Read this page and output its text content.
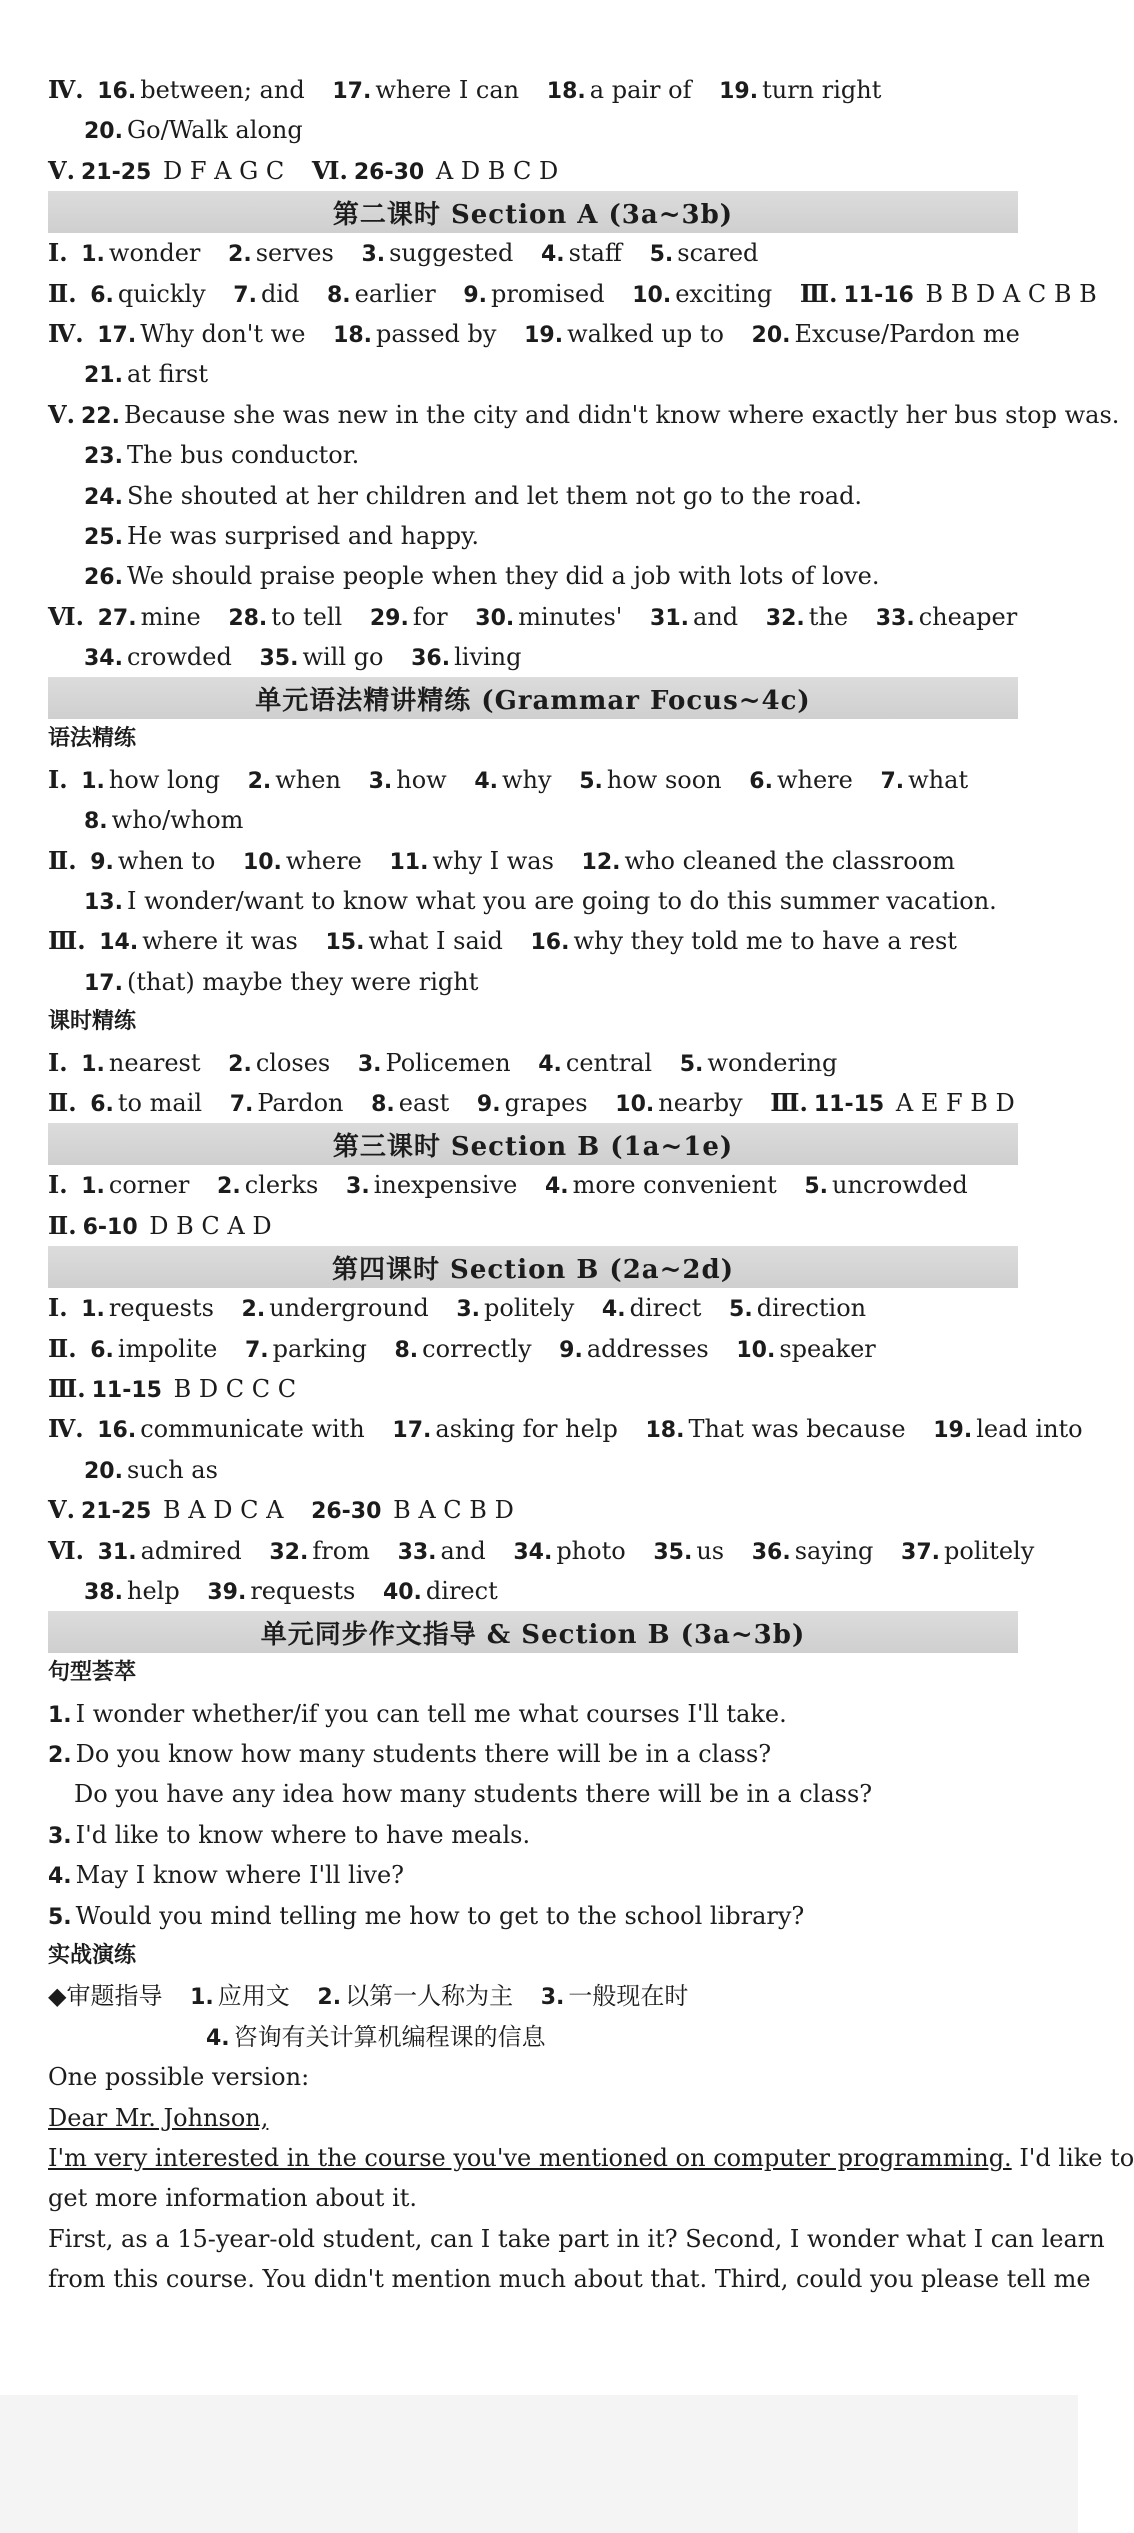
Ⅳ. 16. between; and 17. where I can 18. a pair of 19. turn right
20. Go/Walk along
Ⅴ. 21-25 D F A G C Ⅵ. 26-30 A D B C D
第二课时 Section A (3a~3b)
Ⅰ. 1. wonder 2. serves 3. suggested 4. staff 5. scared
Ⅱ. 6. quickly 7. did 8. earlier 9. promised 10. exciting Ⅲ. 11-16 B B D A C B B
Ⅳ. 17. Why don't we 18. passed by 19. walked up to 20. Excuse/Pardon me
21. at first
Ⅴ. 22. Because she was new in the city and didn't know where exactly her bus stop was.
23. The bus conductor.
24. She shouted at her children and let them not go to the road.
25. He was surprised and happy.
26. We should praise people when they did a job with lots of love.
Ⅵ. 27. mine 28. to tell 29. for 30. minutes' 31. and 32. the 33. cheaper
34. crowded 35. will go 36. living
单元语法精讲精练 (Grammar Focus~4c)
语法精练
Ⅰ. 1. how long 2. when 3. how 4. why 5. how soon 6. where 7. what
8. who/whom
Ⅱ. 9. when to 10. where 11. why I was 12. who cleaned the classroom
13. I wonder/want to know what you are going to do this summer vacation.
Ⅲ. 14. where it was 15. what I said 16. why they told me to have a rest
17. (that) maybe they were right
课时精练
Ⅰ. 1. nearest 2. closes 3. Policemen 4. central 5. wondering
Ⅱ. 6. to mail 7. Pardon 8. east 9. grapes 10. nearby Ⅲ. 11-15 A E F B D
第三课时 Section B (1a~1e)
Ⅰ. 1. corner 2. clerks 3. inexpensive 4. more convenient 5. uncrowded
Ⅱ. 6-10 D B C A D
第四课时 Section B (2a~2d)
Ⅰ. 1. requests 2. underground 3. politely 4. direct 5. direction
Ⅱ. 6. impolite 7. parking 8. correctly 9. addresses 10. speaker
Ⅲ. 11-15 B D C C C
Ⅳ. 16. communicate with 17. asking for help 18. That was because 19. lead into
20. such as
Ⅴ. 21-25 B A D C A 26-30 B A C B D
Ⅵ. 31. admired 32. from 33. and 34. photo 35. us 36. saying 37. politely
38. help 39. requests 40. direct
单元同步作文指导 & Section B (3a~3b)
句型荟萃
1. I wonder whether/if you can tell me what courses I'll take.
2. Do you know how many students there will be in a class?
Do you have any idea how many students there will be in a class?
3. I'd like to know where to have meals.
4. May I know where I'll live?
5. Would you mind telling me how to get to the school library?
实战演练
◆审题指导 1. 应用文 2. 以第一人称为主 3. 一般现在时
4. 咨询有关计算机编程课的信息
One possible version:
Dear Mr. Johnson,
I'm very interested in the course you've mentioned on computer programming. I'd like to
get more information about it.
First, as a 15-year-old student, can I take part in it? Second, I wonder what I can learn
from this course. You didn't mention much about that. Third, could you please tell me
